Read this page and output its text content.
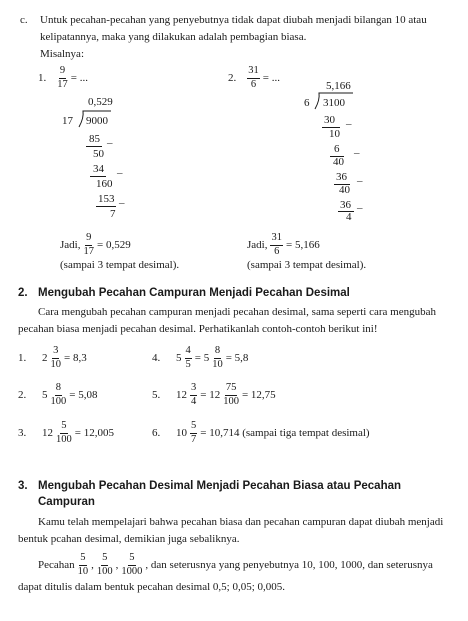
c. Untuk pecahan-pecahan yang penyebutnya tidak dapat diubah menjadi bilangan 10 atau
kelipatannya, maka yang dilakukan adalah pembagian biasa.
Misalnya:
1. $\frac{9}{17}$ = ...
0,529
17 9000
85 –
50
34 –
160
153 –
7
Jadi, $\frac{9}{17} = 0,529$
(sampai 3 tempat desimal).
2. $\frac{31}{6}$ = ...
5,166
6 3100
30 –
10
6 –
40
36 –
40
36 –
4
Jadi, $\frac{31}{6} = 5,166$
(sampai 3 tempat desimal).
2. Mengubah Pecahan Campuran Menjadi Pecahan Desimal
Cara mengubah pecahan campuran menjadi pecahan desimal, sama seperti cara mengubah
pecahan biasa menjadi pecahan desimal. Perhatikanlah contoh-contoh berikut ini!
1.	$2 \frac{3}{10} = 8,3$	4.	$5 \frac{4}{5} = 5 \frac{8}{10} = 5,8$
2.	$5 \frac{8}{100} = 5,08$	5.	$12 \frac{3}{4} = 12 \frac{75}{100} = 12,75$
3.	$12 \frac{5}{100} = 12,005$	6.	$10 \frac{5}{7} = 10,714$ (sampai tiga tempat desimal)
3. Mengubah Pecahan Desimal Menjadi Pecahan Biasa atau Pecahan
Campuran
Kamu telah mempelajari bahwa pecahan biasa dan pecahan campuran dapat diubah menjadi
bentuk pcahan desimal, demikian juga sebaliknya.
Pecahan $\frac{5}{10}$ , $\frac{5}{100}$ , $\frac{5}{1000}$ , dan seterusnya yang penyebutnya 10, 100, 1000, dan seterusnya
dapat ditulis dalam bentuk pecahan desimal 0,5; 0,05; 0,005.
